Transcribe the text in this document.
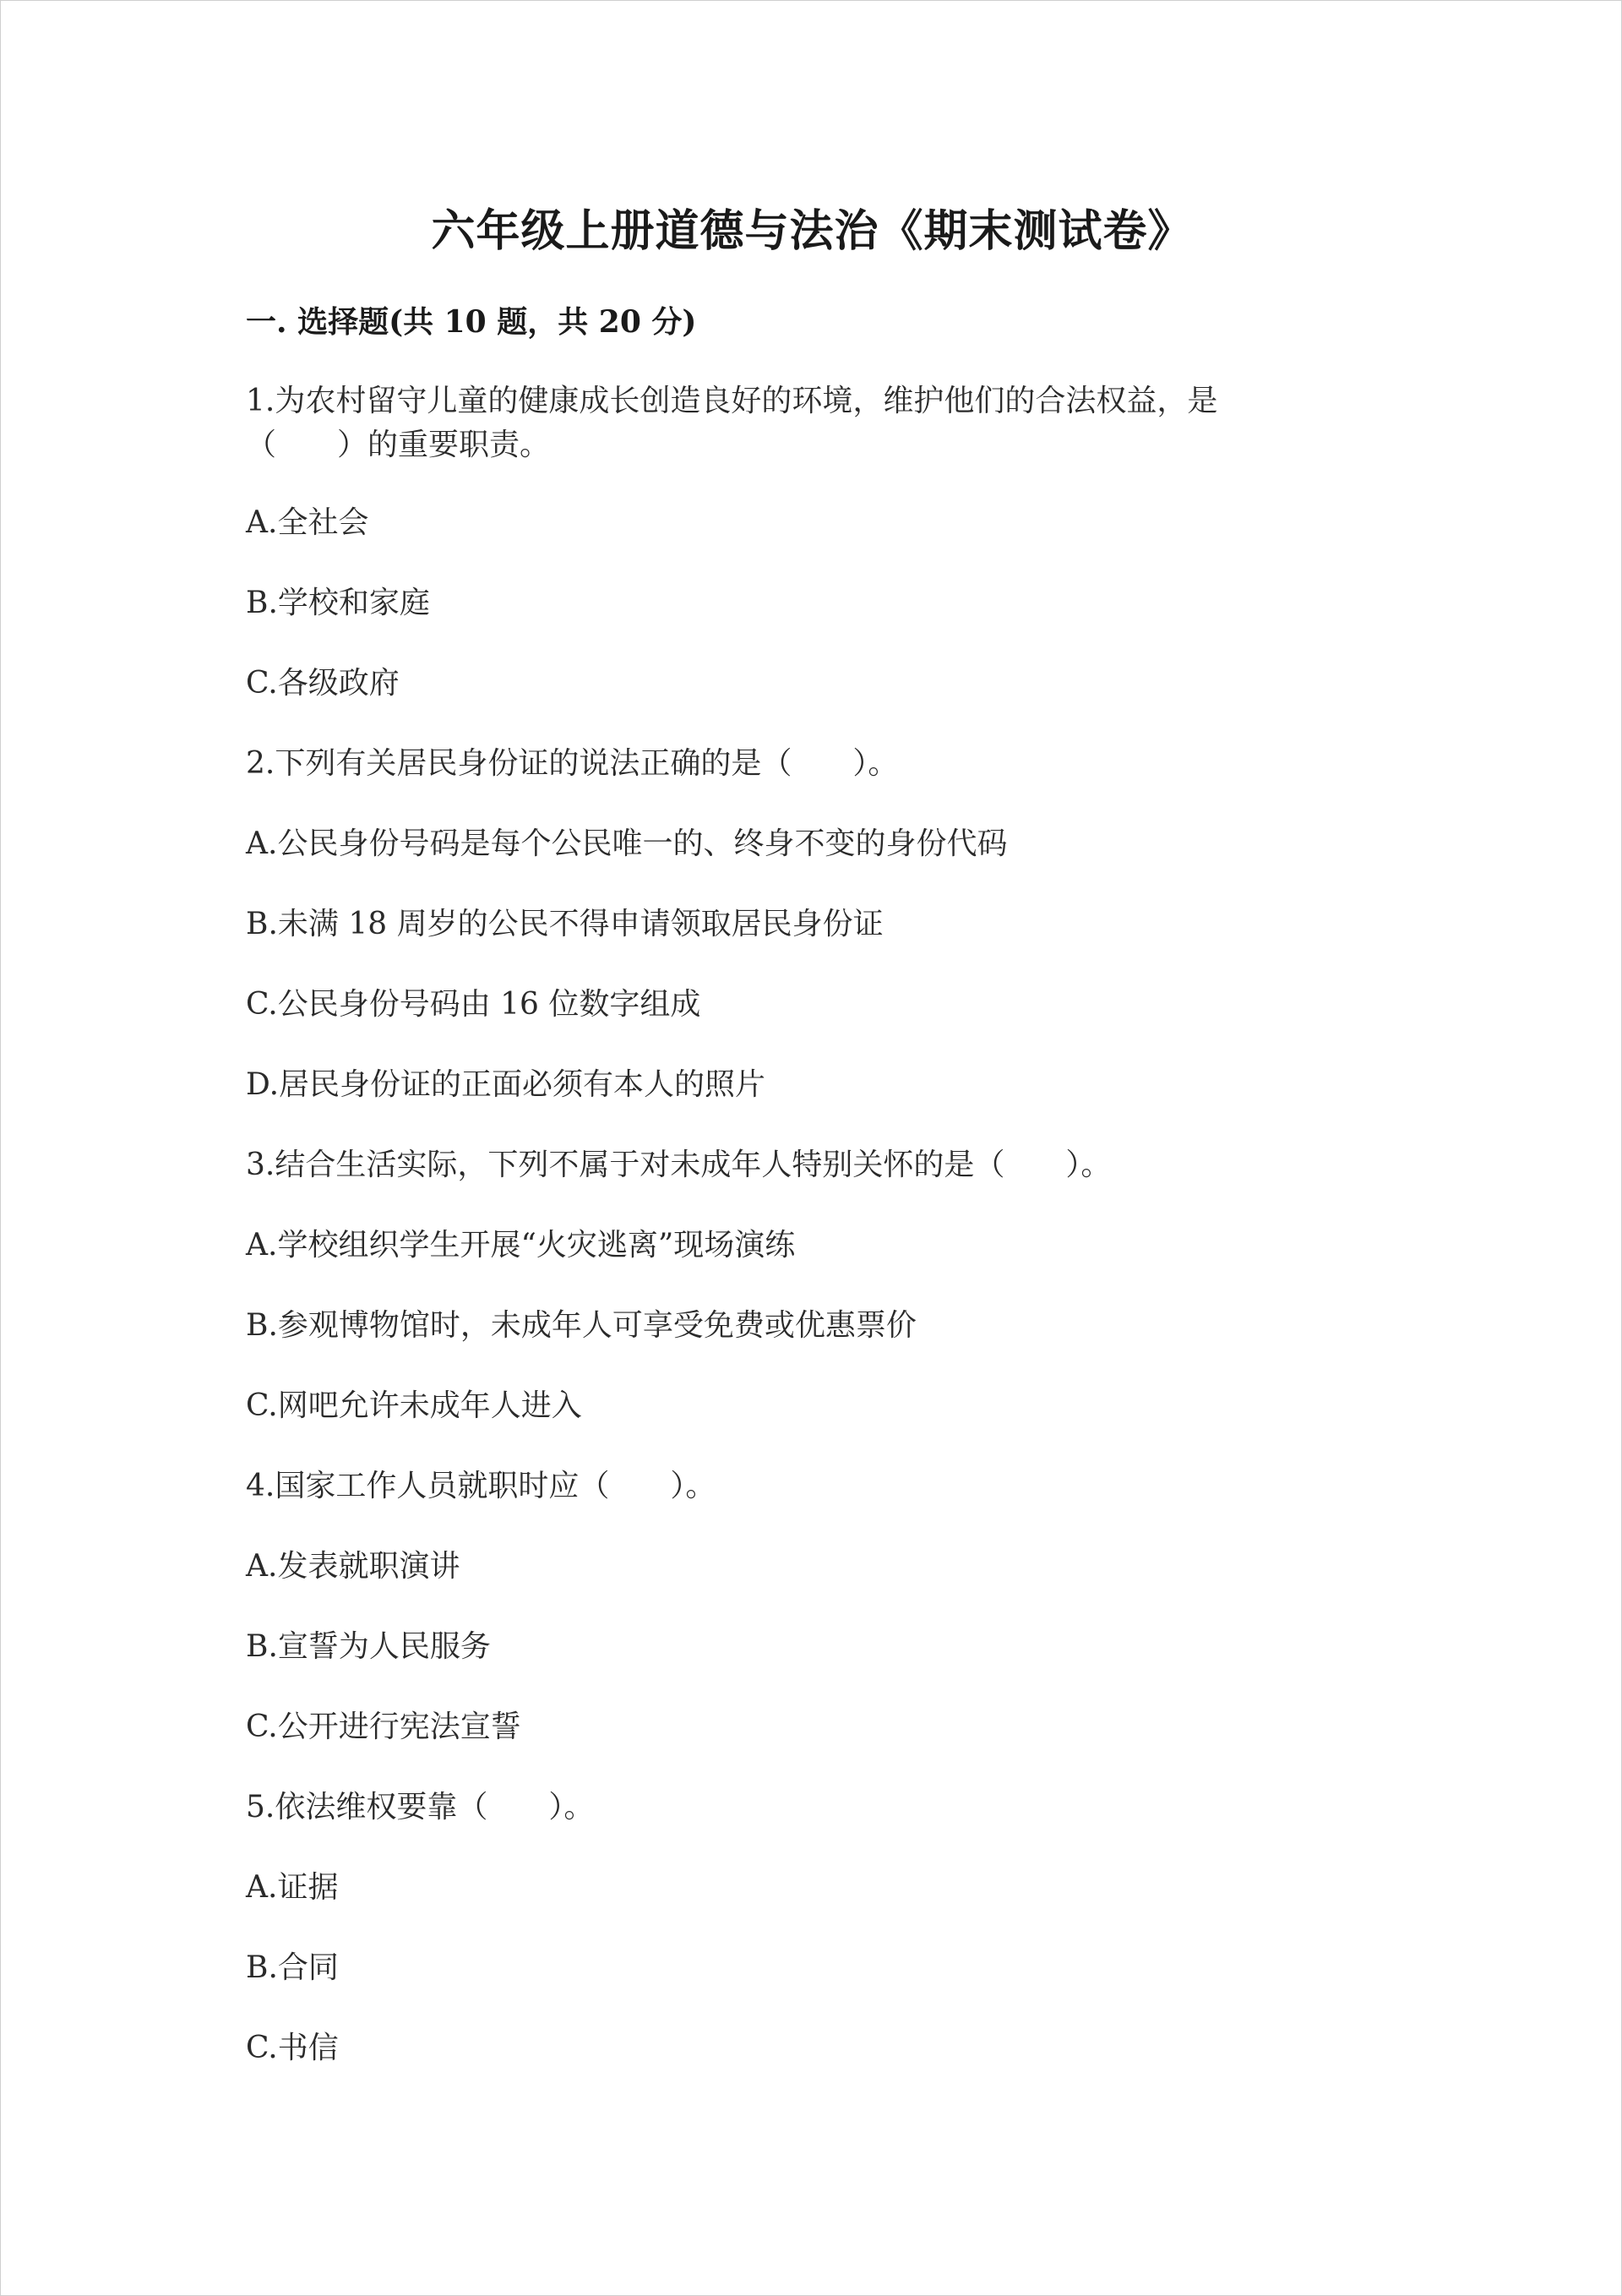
六年级上册道德与法治《期末测试卷》
一. 选择题(共 10 题，共 20 分)
1.为农村留守儿童的健康成长创造良好的环境，维护他们的合法权益，是
（　　）的重要职责。
A.全社会
B.学校和家庭
C.各级政府
2.下列有关居民身份证的说法正确的是（　　）。
A.公民身份号码是每个公民唯一的、终身不变的身份代码
B.未满 18 周岁的公民不得申请领取居民身份证
C.公民身份号码由 16 位数字组成
D.居民身份证的正面必须有本人的照片
3.结合生活实际，下列不属于对未成年人特别关怀的是（　　）。
A.学校组织学生开展“火灾逃离”现场演练
B.参观博物馆时，未成年人可享受免费或优惠票价
C.网吧允许未成年人进入
4.国家工作人员就职时应（　　）。
A.发表就职演讲
B.宣誓为人民服务
C.公开进行宪法宣誓
5.依法维权要靠（　　）。
A.证据
B.合同
C.书信
